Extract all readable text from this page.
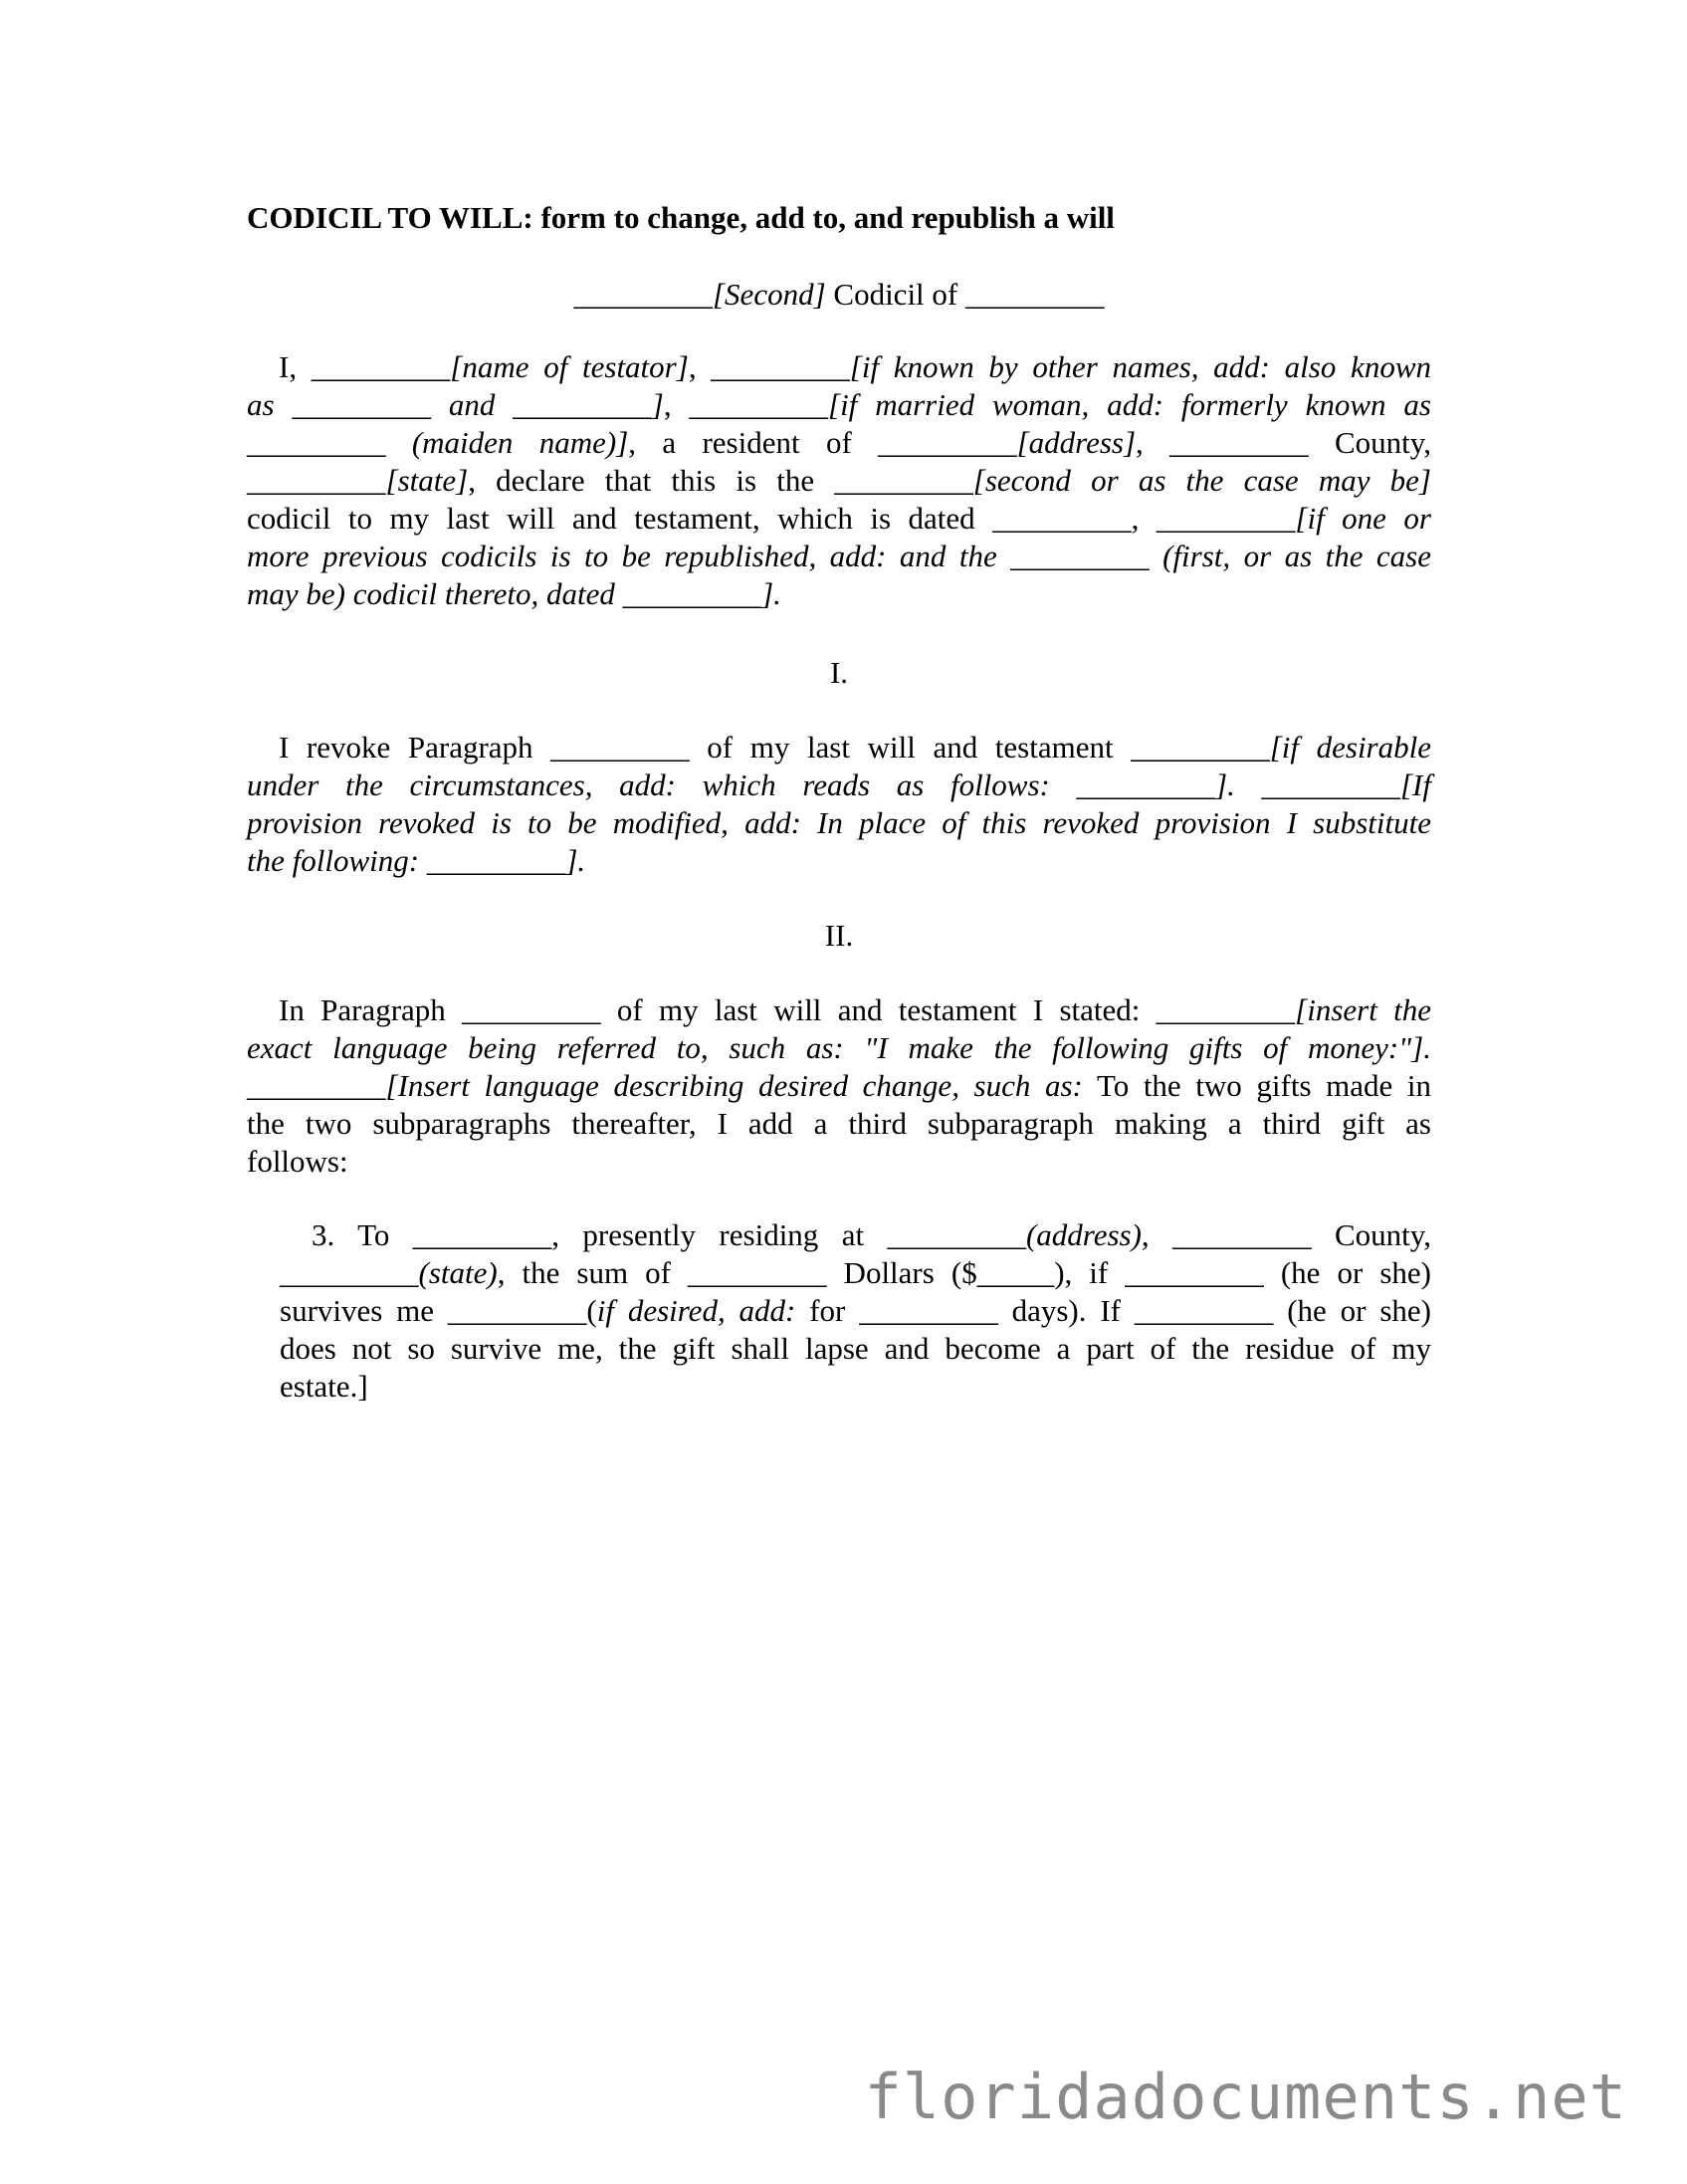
CODICIL TO WILL: form to change, add to, and republish a will
_________[Second] Codicil of _________
I, _________[name of testator], _________[if known by other names, add: also known
as _________ and _________], _________[if married woman, add: formerly known as
_________ (maiden name)], a resident of _________[address], _________ County,
_________[state], declare that this is the _________[second or as the case may be]
codicil to my last will and testament, which is dated _________, _________[if one or
more previous codicils is to be republished, add: and the _________ (first, or as the case
may be) codicil thereto, dated _________].
I.
I revoke Paragraph _________ of my last will and testament _________[if desirable
under the circumstances, add: which reads as follows: _________]. _________[If
provision revoked is to be modified, add: In place of this revoked provision I substitute
the following: _________].
II.
In Paragraph _________ of my last will and testament I stated: _________[insert the
exact language being referred to, such as: "I make the following gifts of money:"].
_________[Insert language describing desired change, such as: To the two gifts made in
the two subparagraphs thereafter, I add a third subparagraph making a third gift as
follows:
3. To _________, presently residing at _________(address), _________ County,
_________(state), the sum of _________ Dollars ($_____), if _________ (he or she)
survives me _________(if desired, add: for _________ days). If _________ (he or she)
does not so survive me, the gift shall lapse and become a part of the residue of my
estate.]
floridadocuments.net
